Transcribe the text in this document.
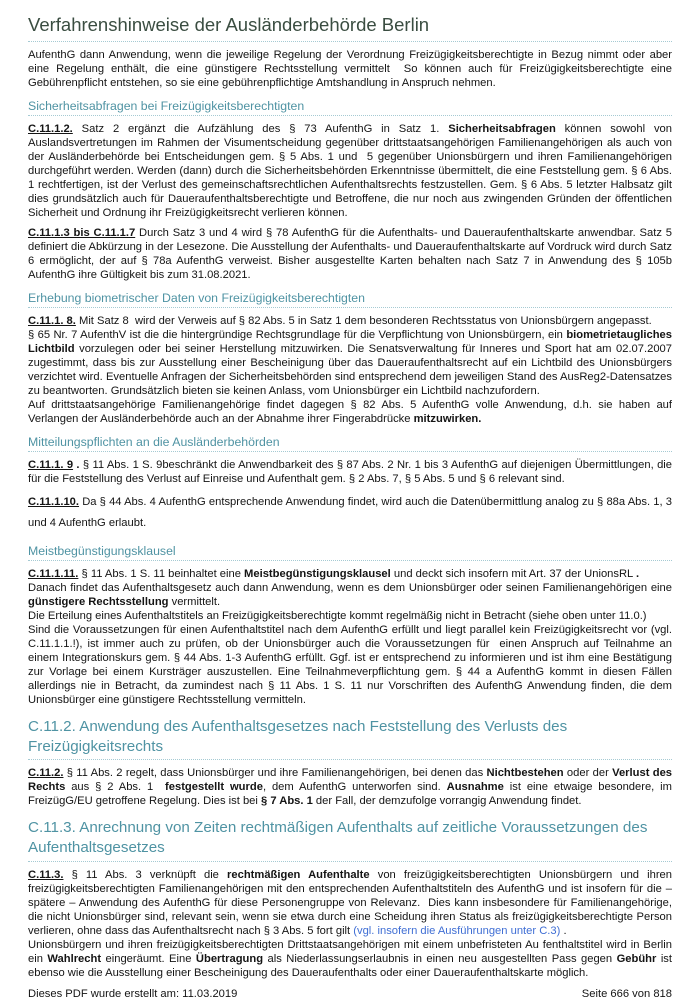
Verfahrenshinweise der Ausländerbehörde Berlin
AufenthG dann Anwendung, wenn die jeweilige Regelung der Verordnung Freizügigkeitsberechtigte in Bezug nimmt oder aber eine Regelung enthält, die eine günstigere Rechtsstellung vermittelt  So können auch für Freizügigkeitsberechtigte eine Gebührenpflicht entstehen, so sie eine gebührenpflichtige Amtshandlung in Anspruch nehmen.
Sicherheitsabfragen bei Freizügigkeitsberechtigten
C.11.1.2. Satz 2 ergänzt die Aufzählung des § 73 AufenthG in Satz 1. Sicherheitsabfragen können sowohl von Auslandsvertretungen im Rahmen der Visumentscheidung gegenüber drittstaatsangehörigen Familienangehörigen als auch von der Ausländerbehörde bei Entscheidungen gem. § 5 Abs. 1 und  5 gegenüber Unionsbürgern und ihren Familienangehörigen durchgeführt werden. Werden (dann) durch die Sicherheitsbehörden Erkenntnisse übermittelt, die eine Feststellung gem. § 6 Abs. 1 rechtfertigen, ist der Verlust des gemeinschaftsrechtlichen Aufenthaltsrechts festzustellen. Gem. § 6 Abs. 5 letzter Halbsatz gilt dies grundsätzlich auch für Daueraufenthaltsberechtigte und Betroffene, die nur noch aus zwingenden Gründen der öffentlichen Sicherheit und Ordnung ihr Freizügigkeitsrecht verlieren können.
C.11.1.3 bis C.11.1.7 Durch Satz 3 und 4 wird § 78 AufenthG für die Aufenthalts- und Daueraufenthaltskarte anwendbar. Satz 5 definiert die Abkürzung in der Lesezone. Die Ausstellung der Aufenthalts- und Daueraufenthaltskarte auf Vordruck wird durch Satz 6 ermöglicht, der auf § 78a AufenthG verweist. Bisher ausgestellte Karten behalten nach Satz 7 in Anwendung des § 105b AufenthG ihre Gültigkeit bis zum 31.08.2021.
Erhebung biometrischer Daten von Freizügigkeitsberechtigten
C.11.1. 8. Mit Satz 8  wird der Verweis auf § 82 Abs. 5 in Satz 1 dem besonderen Rechtsstatus von Unionsbürgern angepasst.
§ 65 Nr. 7 AufenthV ist die die hintergründige Rechtsgrundlage für die Verpflichtung von Unionsbürgern, ein biometrietaugliches Lichtbild vorzulegen oder bei seiner Herstellung mitzuwirken. Die Senatsverwaltung für Inneres und Sport hat am 02.07.2007 zugestimmt, dass bis zur Ausstellung einer Bescheinigung über das Daueraufenthaltsrecht auf ein Lichtbild des Unionsbürgers verzichtet wird. Eventuelle Anfragen der Sicherheitsbehörden sind entsprechend dem jeweiligen Stand des AusReg2-Datensatzes zu beantworten. Grundsätzlich bieten sie keinen Anlass, vom Unionsbürger ein Lichtbild nachzufordern.
Auf drittstaatsangehörige Familienangehörige findet dagegen § 82 Abs. 5 AufenthG volle Anwendung, d.h. sie haben auf Verlangen der Ausländerbehörde auch an der Abnahme ihrer Fingerabdrücke mitzuwirken.
Mitteilungspflichten an die Ausländerbehörden
C.11.1. 9 . § 11 Abs. 1 S. 9beschränkt die Anwendbarkeit des § 87 Abs. 2 Nr. 1 bis 3 AufenthG auf diejenigen Übermittlungen, die für die Feststellung des Verlust auf Einreise und Aufenthalt gem. § 2 Abs. 7, § 5 Abs. 5 und § 6 relevant sind.
C.11.1.10. Da § 44 Abs. 4 AufenthG entsprechende Anwendung findet, wird auch die Datenübermittlung analog zu § 88a Abs. 1, 3 und 4 AufenthG erlaubt.
Meistbegünstigungsklausel
C.11.1.11. § 11 Abs. 1 S. 11 beinhaltet eine Meistbegünstigungsklausel und deckt sich insofern mit Art. 37 der UnionsRL .
Danach findet das Aufenthaltsgesetz auch dann Anwendung, wenn es dem Unionsbürger oder seinen Familienangehörigen eine günstigere Rechtsstellung vermittelt.
Die Erteilung eines Aufenthaltstitels an Freizügigkeitsberechtigte kommt regelmäßig nicht in Betracht (siehe oben unter 11.0.)
Sind die Voraussetzungen für einen Aufenthaltstitel nach dem AufenthG erfüllt und liegt parallel kein Freizügigkeitsrecht vor (vgl. C.11.1.1.!), ist immer auch zu prüfen, ob der Unionsbürger auch die Voraussetzungen für  einen Anspruch auf Teilnahme an einem Integrationskurs gem. § 44 Abs. 1-3 AufenthG erfüllt. Ggf. ist er entsprechend zu informieren und ist ihm eine Bestätigung zur Vorlage bei einem Kursträger auszustellen. Eine Teilnahmeverpflichtung gem. § 44 a AufenthG kommt in diesen Fällen allerdings nie in Betracht, da zumindest nach § 11 Abs. 1 S. 11 nur Vorschriften des AufenthG Anwendung finden, die dem Unionsbürger eine günstigere Rechtsstellung vermitteln.
C.11.2. Anwendung des Aufenthaltsgesetzes nach Feststellung des Verlusts des Freizügigkeitsrechts
C.11.2. § 11 Abs. 2 regelt, dass Unionsbürger und ihre Familienangehörigen, bei denen das Nichtbestehen oder der Verlust des Rechts aus § 2 Abs. 1  festgestellt wurde, dem AufenthG unterworfen sind. Ausnahme ist eine etwaige besondere, im FreizügG/EU getroffene Regelung. Dies ist bei § 7 Abs. 1 der Fall, der demzufolge vorrangig Anwendung findet.
C.11.3. Anrechnung von Zeiten rechtmäßigen Aufenthalts auf zeitliche Voraussetzungen des Aufenthaltsgesetzes
C.11.3. § 11 Abs. 3 verknüpft die rechtmäßigen Aufenthalte von freizügigkeitsberechtigten Unionsbürgern und ihren freizügigkeitsberechtigten Familienangehörigen mit den entsprechenden Aufenthaltstiteln des AufenthG und ist insofern für die – spätere – Anwendung des AufenthG für diese Personengruppe von Relevanz.  Dies kann insbesondere für Familienangehörige, die nicht Unionsbürger sind, relevant sein, wenn sie etwa durch eine Scheidung ihren Status als freizügigkeitsberechtigte Person verlieren, ohne dass das Aufenthaltsrecht nach § 3 Abs. 5 fort gilt (vgl. insofern die Ausführungen unter C.3) .
Unionsbürgern und ihren freizügigkeitsberechtigten Drittstaatsangehörigen mit einem unbefristeten Au fenthaltstitel wird in Berlin ein Wahlrecht eingeräumt. Eine Übertragung als Niederlassungserlaubnis in einen neu ausgestellten Pass gegen Gebühr ist ebenso wie die Ausstellung einer Bescheinigung des Daueraufenthalts oder einer Daueraufenthaltskarte möglich.
Dieses PDF wurde erstellt am: 11.03.2019	Seite 666 von 818
